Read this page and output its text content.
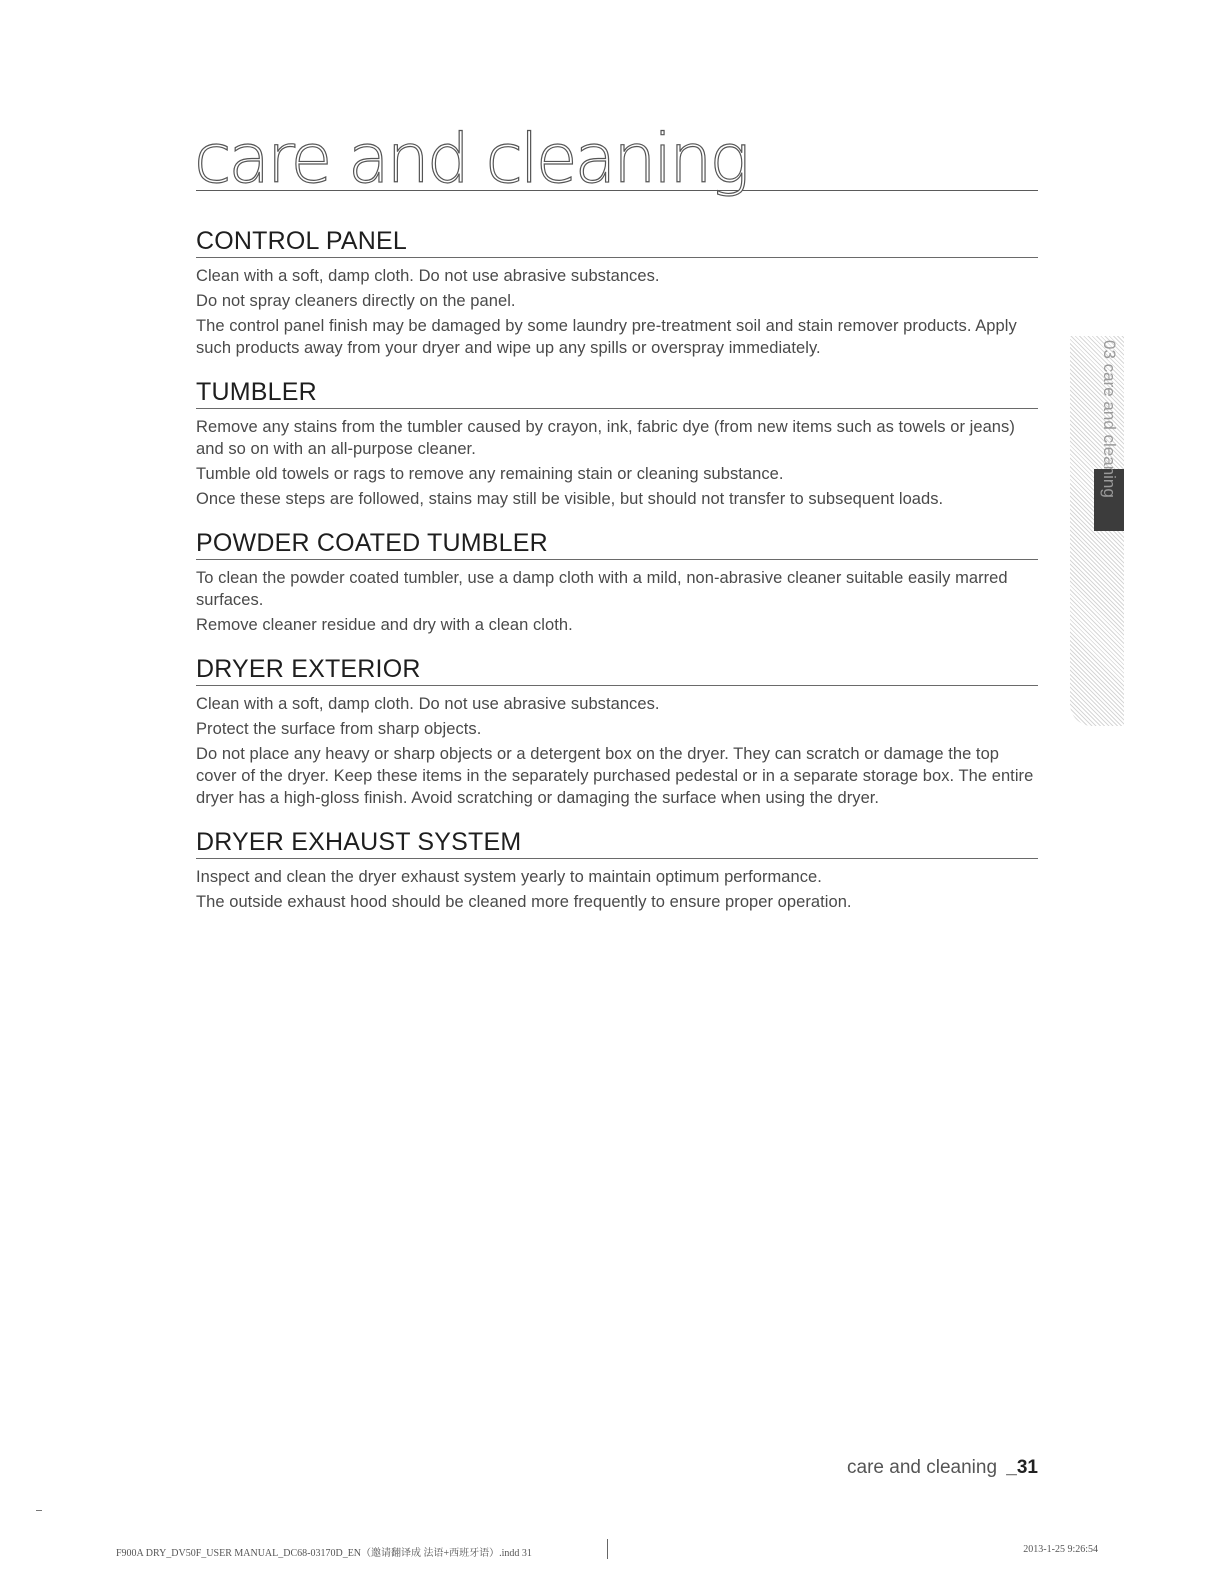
care and cleaning
CONTROL PANEL

Clean with a soft, damp cloth. Do not use abrasive substances.

Do not spray cleaners directly on the panel.

The control panel finish may be damaged by some laundry pre-treatment soil and stain remover products. Apply such products away from your dryer and wipe up any spills or overspray immediately.

TUMBLER

Remove any stains from the tumbler caused by crayon, ink, fabric dye (from new items such as towels or jeans) and so on with an all-purpose cleaner.

Tumble old towels or rags to remove any remaining stain or cleaning substance.

Once these steps are followed, stains may still be visible, but should not transfer to subsequent loads.

POWDER COATED TUMBLER

To clean the powder coated tumbler, use a damp cloth with a mild, non-abrasive cleaner suitable easily marred surfaces.

Remove cleaner residue and dry with a clean cloth.

DRYER EXTERIOR

Clean with a soft, damp cloth. Do not use abrasive substances.

Protect the surface from sharp objects.

Do not place any heavy or sharp objects or a detergent box on the dryer. They can scratch or damage the top cover of the dryer. Keep these items in the separately purchased pedestal or in a separate storage box. The entire dryer has a high-gloss finish. Avoid scratching or damaging the surface when using the dryer.

DRYER EXHAUST SYSTEM

Inspect and clean the dryer exhaust system yearly to maintain optimum performance.

The outside exhaust hood should be cleaned more frequently to ensure proper operation.

03 care and cleaning
care and cleaning _31
F900A DRY_DV50F_USER MANUAL_DC68-03170D_EN（邀请翻译成 法语+西班牙语）.indd 31	2013-1-25 9:26:54
